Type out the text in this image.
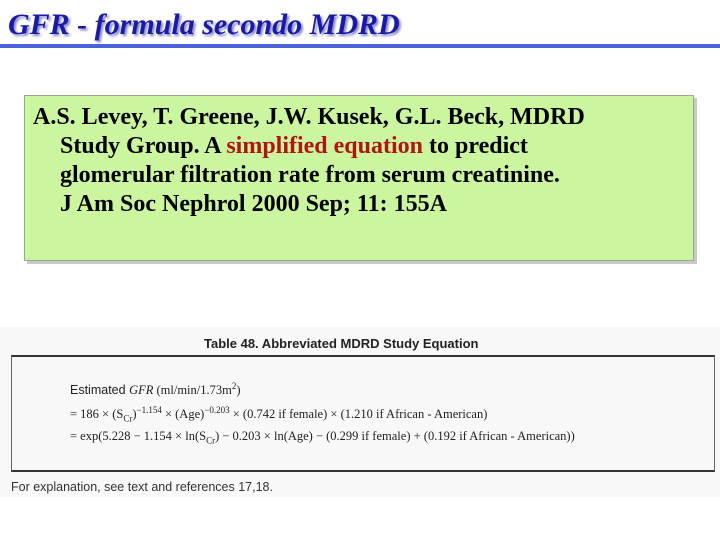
GFR - formula secondo MDRD
A.S. Levey, T. Greene, J.W. Kusek, G.L. Beck, MDRD
Study Group. A simplified equation to predict
glomerular filtration rate from serum creatinine.
J Am Soc Nephrol 2000 Sep; 11: 155A
Table 48. Abbreviated MDRD Study Equation
Estimated GFR $(ml/\min/1.73m^2)$
= $186 \times (S_{Cr})^{-1.154} \times (Age)^{-0.203} \times (0.742$ if female) × (1.210 if African - American)
= $\exp(5.228 - 1.154 \times \ln(S_{Cr}) - 0.203 \times \ln(Age) - (0.299$ if female) + (0.192 if African - American))
For explanation, see text and references 17,18.
